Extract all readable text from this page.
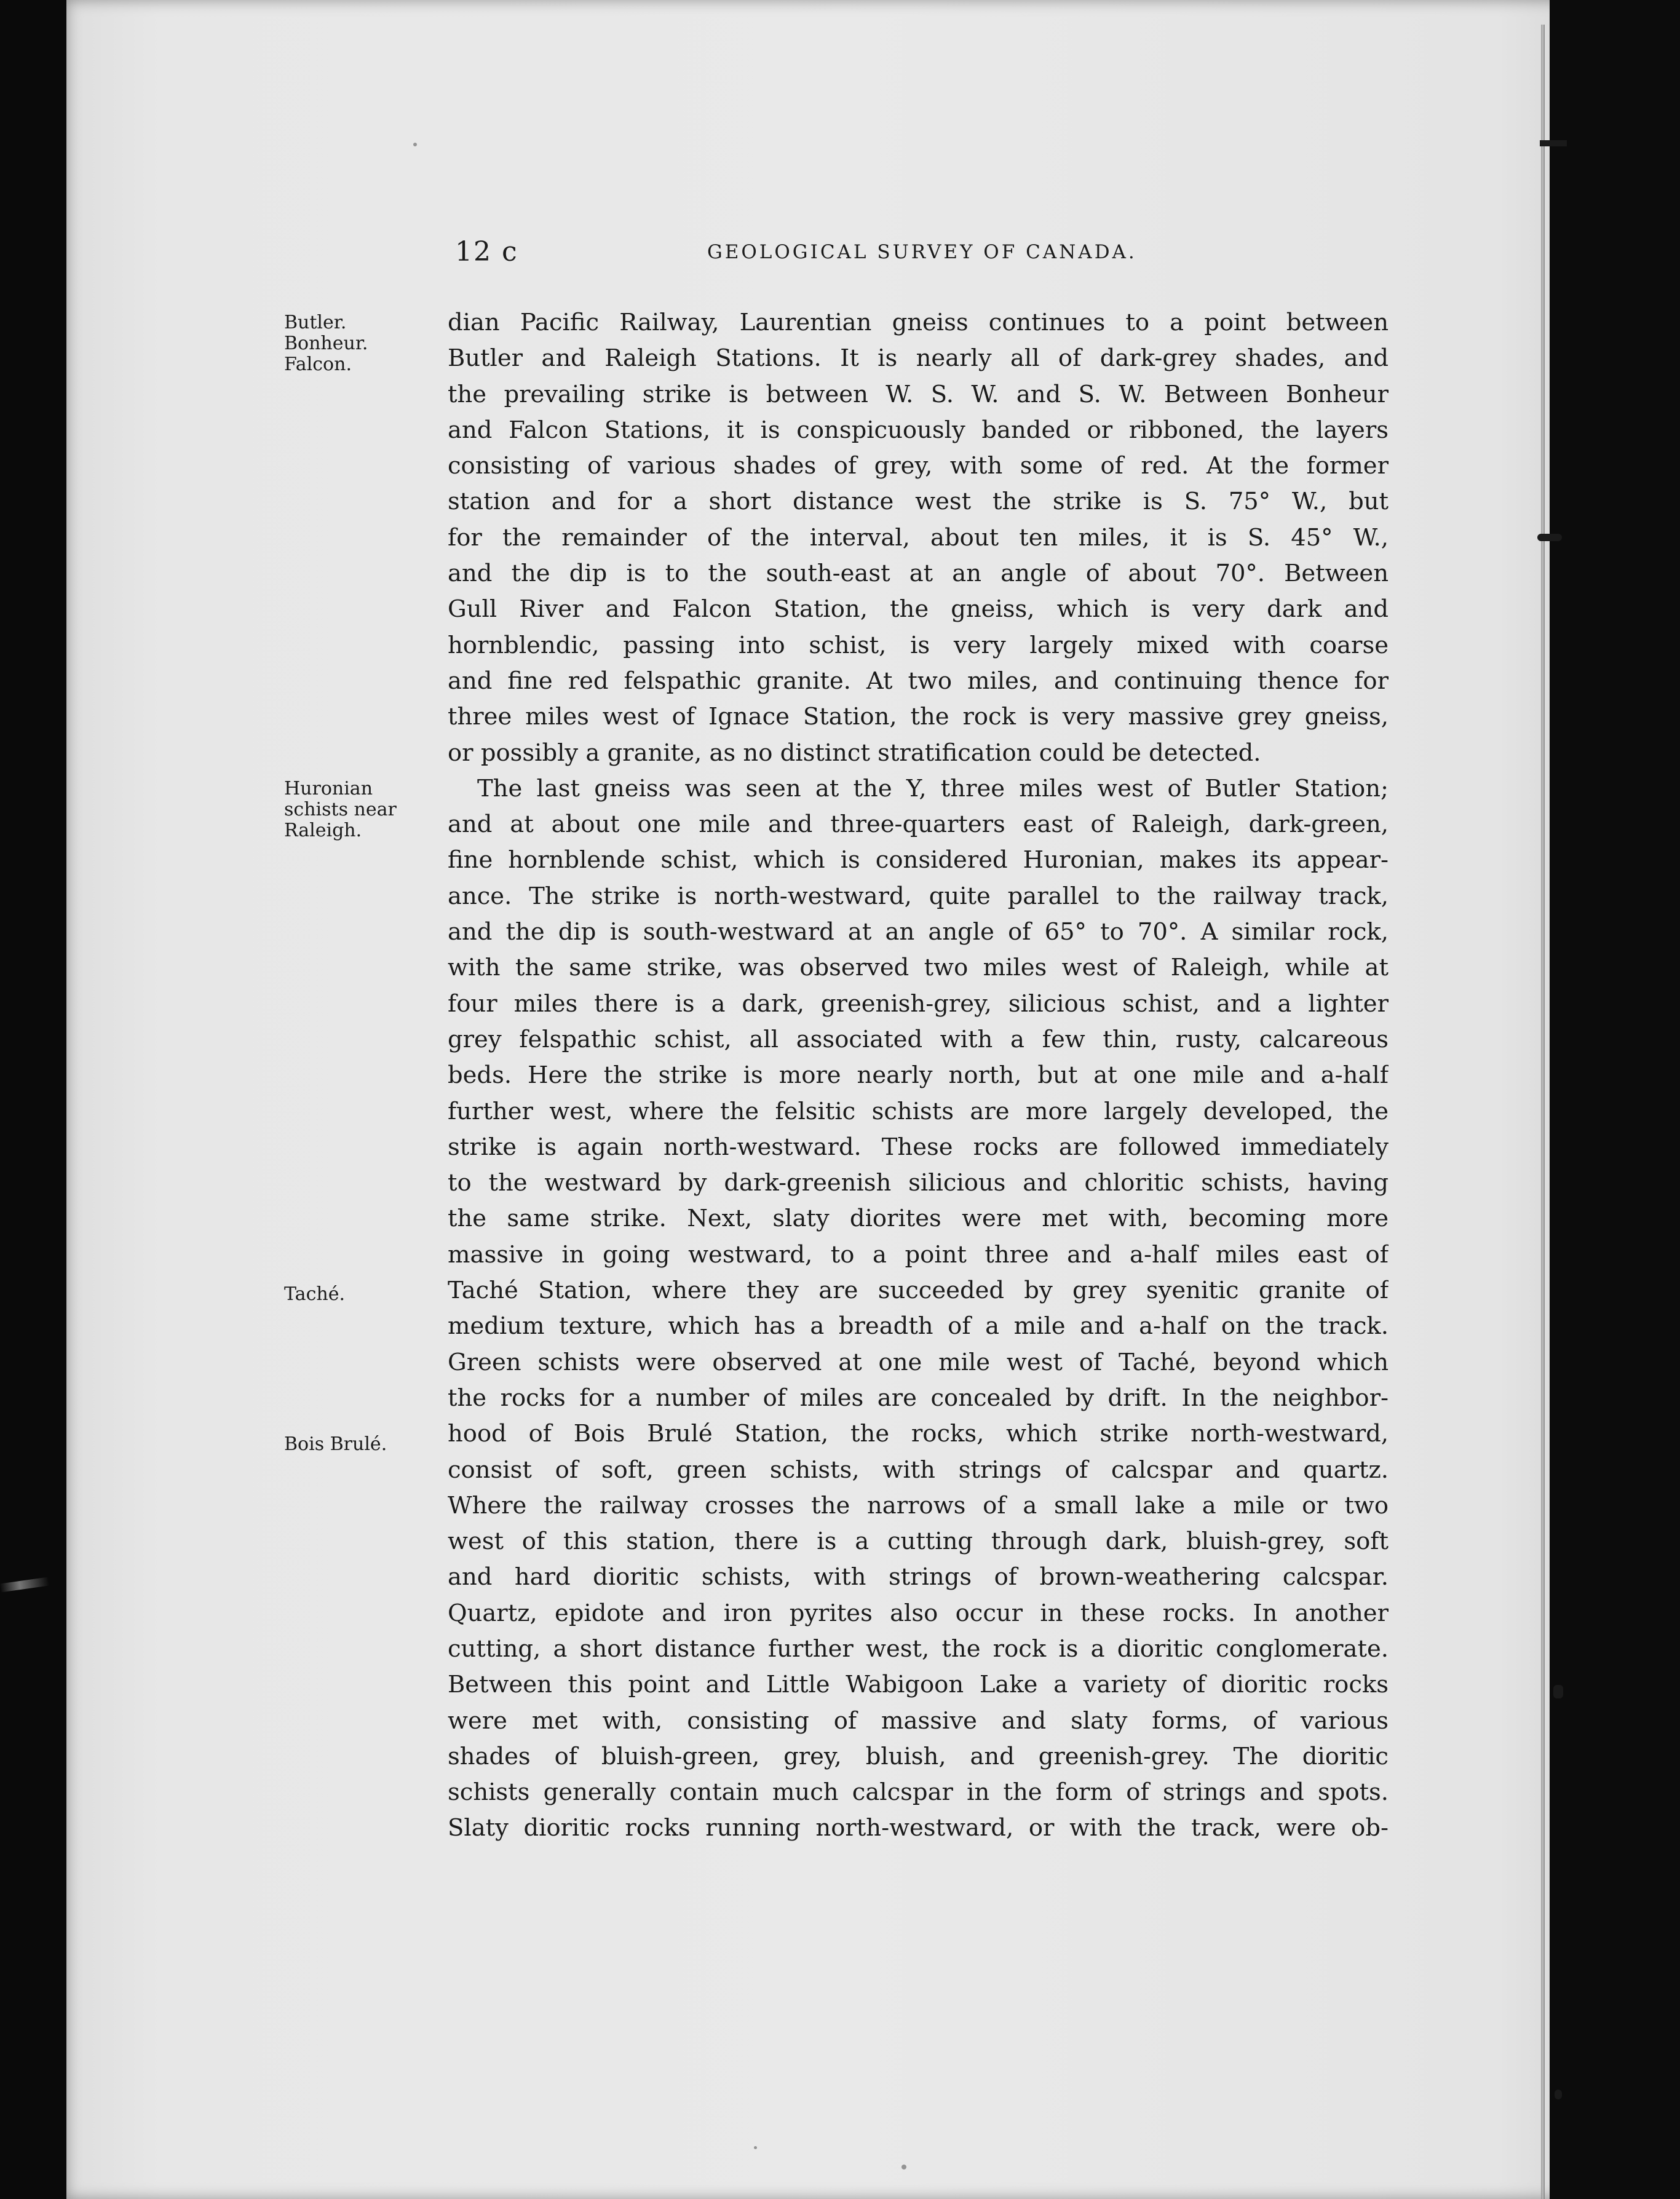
12 c	GEOLOGICAL SURVEY OF CANADA.
Butler.
Bonheur.
Falcon.
Huronian
schists near
Raleigh.
Taché.
Bois Brulé.
dian Pacific Railway, Laurentian gneiss continues to a point between
Butler and Raleigh Stations. It is nearly all of dark-grey shades, and
the prevailing strike is between W. S. W. and S. W. Between Bonheur
and Falcon Stations, it is conspicuously banded or ribboned, the layers
consisting of various shades of grey, with some of red. At the former
station and for a short distance west the strike is S. 75° W., but
for the remainder of the interval, about ten miles, it is S. 45° W.,
and the dip is to the south-east at an angle of about 70°. Between
Gull River and Falcon Station, the gneiss, which is very dark and
hornblendic, passing into schist, is very largely mixed with coarse
and fine red felspathic granite. At two miles, and continuing thence for
three miles west of Ignace Station, the rock is very massive grey gneiss,
or possibly a granite, as no distinct stratification could be detected.
The last gneiss was seen at the Y, three miles west of Butler Station;
and at about one mile and three-quarters east of Raleigh, dark-green,
fine hornblende schist, which is considered Huronian, makes its appear-
ance. The strike is north-westward, quite parallel to the railway track,
and the dip is south-westward at an angle of 65° to 70°. A similar rock,
with the same strike, was observed two miles west of Raleigh, while at
four miles there is a dark, greenish-grey, silicious schist, and a lighter
grey felspathic schist, all associated with a few thin, rusty, calcareous
beds. Here the strike is more nearly north, but at one mile and a-half
further west, where the felsitic schists are more largely developed, the
strike is again north-westward. These rocks are followed immediately
to the westward by dark-greenish silicious and chloritic schists, having
the same strike. Next, slaty diorites were met with, becoming more
massive in going westward, to a point three and a-half miles east of
Taché Station, where they are succeeded by grey syenitic granite of
medium texture, which has a breadth of a mile and a-half on the track.
Green schists were observed at one mile west of Taché, beyond which
the rocks for a number of miles are concealed by drift. In the neighbor-
hood of Bois Brulé Station, the rocks, which strike north-westward,
consist of soft, green schists, with strings of calcspar and quartz.
Where the railway crosses the narrows of a small lake a mile or two
west of this station, there is a cutting through dark, bluish-grey, soft
and hard dioritic schists, with strings of brown-weathering calcspar.
Quartz, epidote and iron pyrites also occur in these rocks. In another
cutting, a short distance further west, the rock is a dioritic conglomerate.
Between this point and Little Wabigoon Lake a variety of dioritic rocks
were met with, consisting of massive and slaty forms, of various
shades of bluish-green, grey, bluish, and greenish-grey. The dioritic
schists generally contain much calcspar in the form of strings and spots.
Slaty dioritic rocks running north-westward, or with the track, were ob-
